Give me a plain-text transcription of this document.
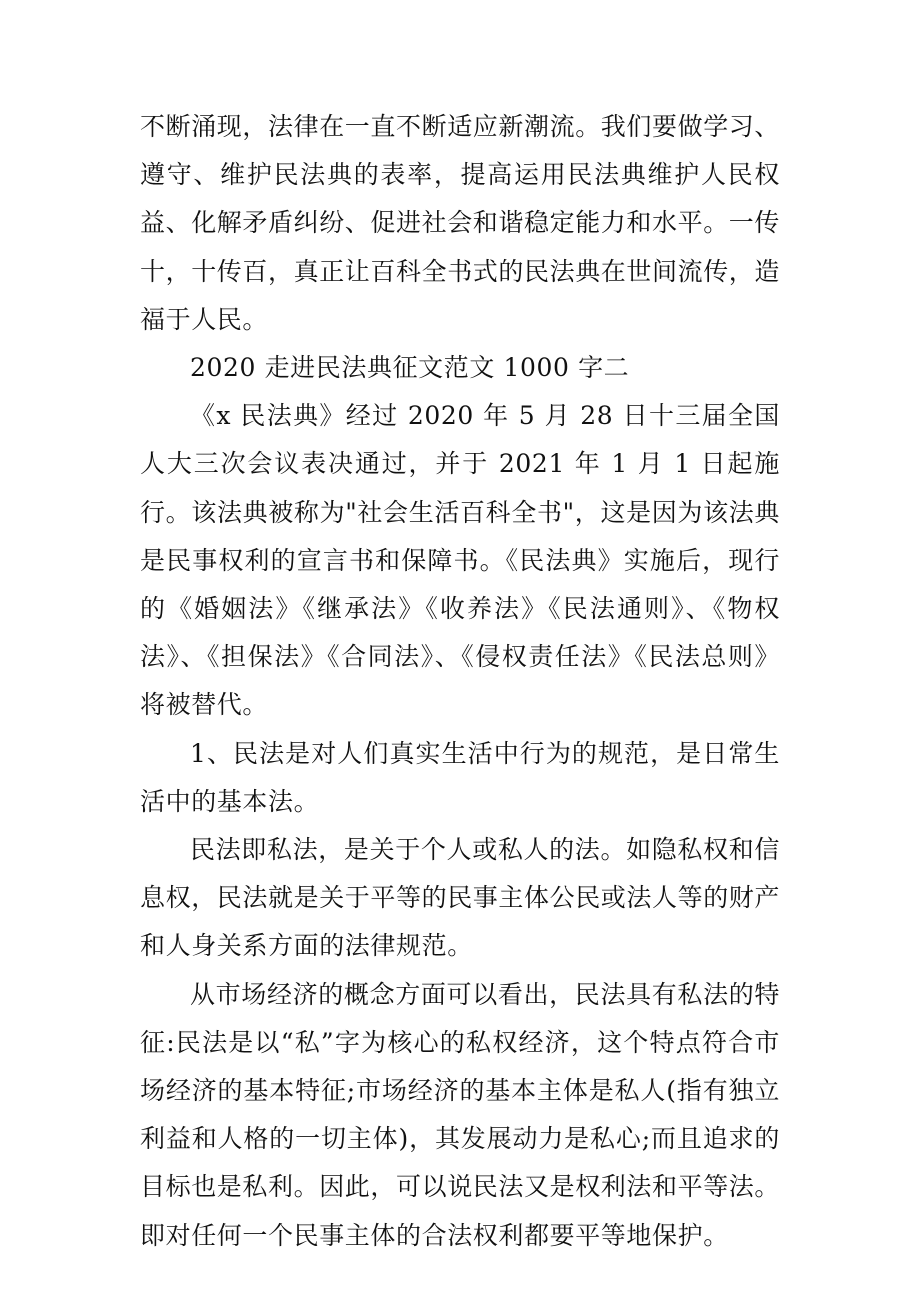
不断涌现，法律在一直不断适应新潮流。我们要做学习、遵守、维护民法典的表率，提高运用民法典维护人民权益、化解矛盾纠纷、促进社会和谐稳定能力和水平。一传十，十传百，真正让百科全书式的民法典在世间流传，造福于人民。

2020 走进民法典征文范文 1000 字二

《x 民法典》经过 2020 年 5 月 28 日十三届全国人大三次会议表决通过，并于 2021 年 1 月 1 日起施行。该法典被称为"社会生活百科全书"，这是因为该法典是民事权利的宣言书和保障书。《民法典》实施后，现行的《婚姻法》《继承法》《收养法》《民法通则》、《物权法》、《担保法》《合同法》、《侵权责任法》《民法总则》将被替代。

1、民法是对人们真实生活中行为的规范，是日常生活中的基本法。

民法即私法，是关于个人或私人的法。如隐私权和信息权，民法就是关于平等的民事主体公民或法人等的财产和人身关系方面的法律规范。

从市场经济的概念方面可以看出，民法具有私法的特征:民法是以“私”字为核心的私权经济，这个特点符合市场经济的基本特征;市场经济的基本主体是私人(指有独立利益和人格的一切主体)，其发展动力是私心;而且追求的目标也是私利。因此，可以说民法又是权利法和平等法。即对任何一个民事主体的合法权利都要平等地保护。
